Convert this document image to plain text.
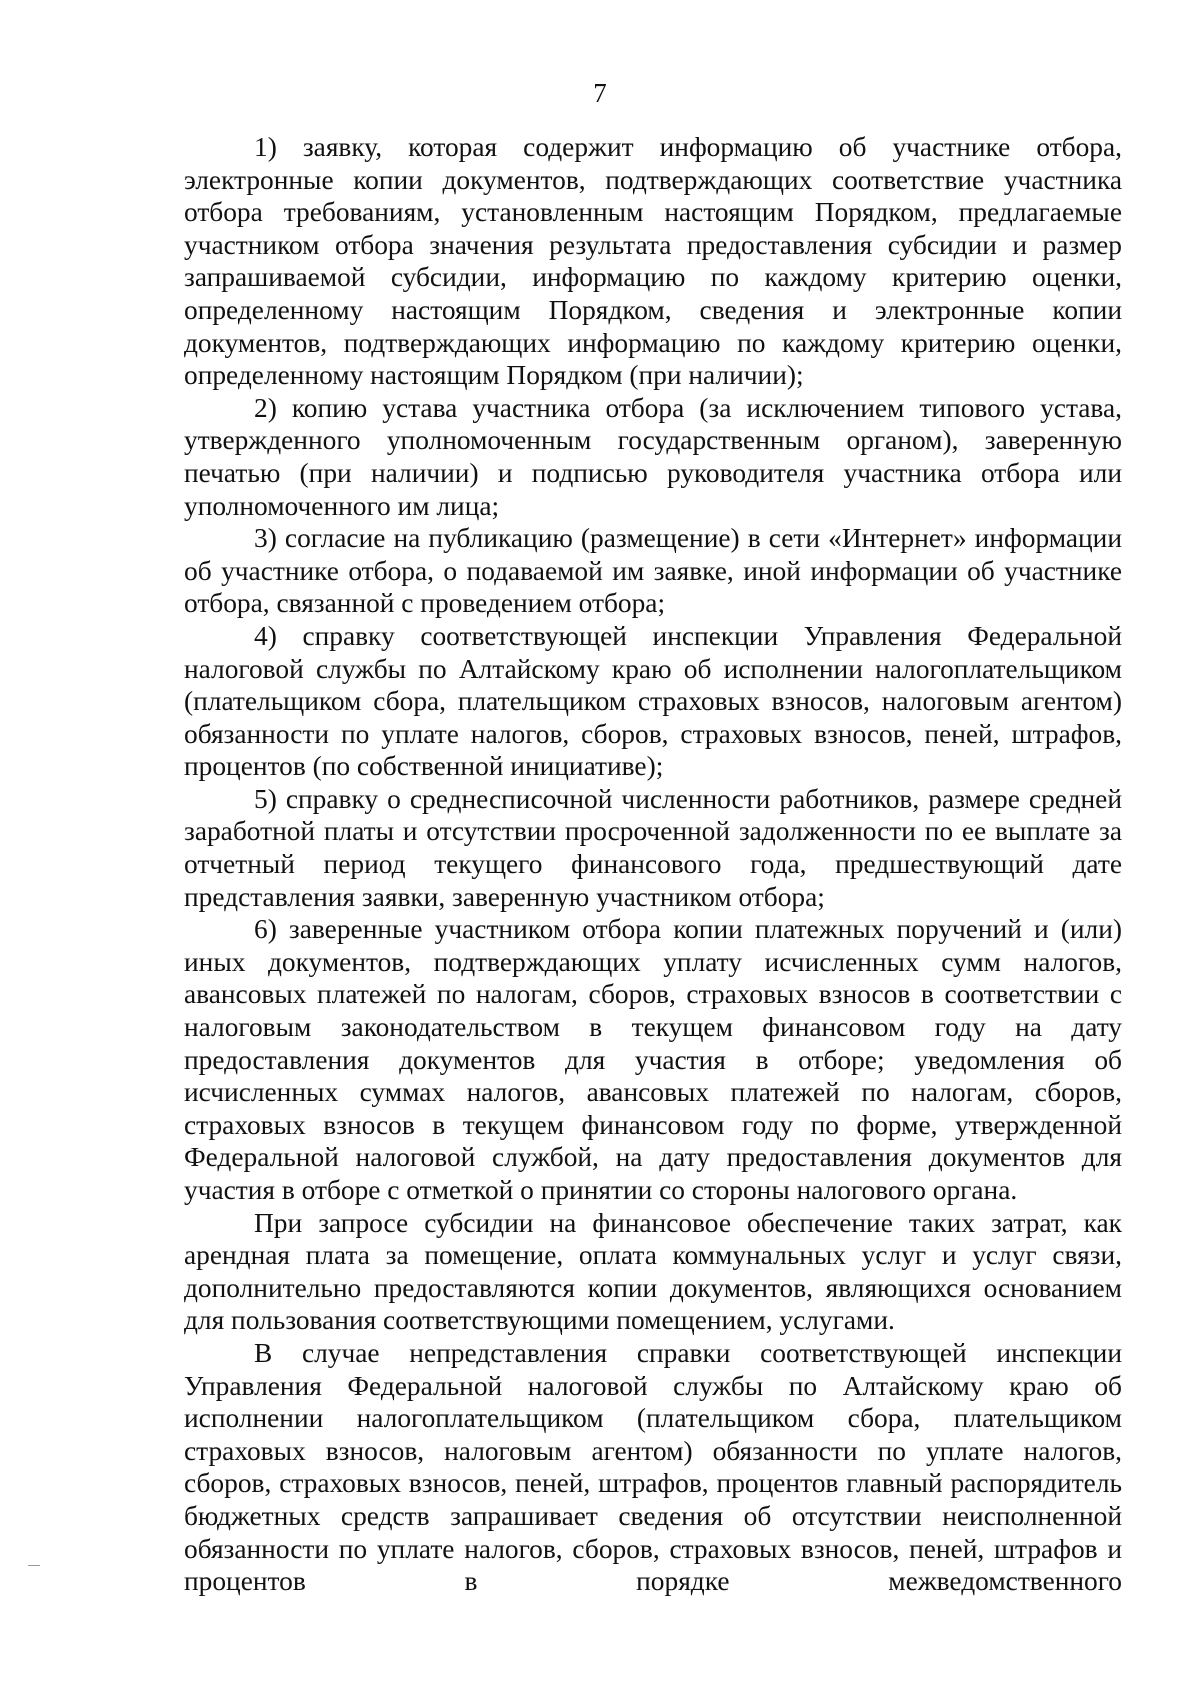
7

1) заявку, которая содержит информацию об участнике отбора, электронные копии документов, подтверждающих соответствие участника отбора требованиям, установленным настоящим Порядком, предлагаемые участником отбора значения результата предоставления субсидии и размер запрашиваемой субсидии, информацию по каждому критерию оценки, определенному настоящим Порядком, сведения и электронные копии документов, подтверждающих информацию по каждому критерию оценки, определенному настоящим Порядком (при наличии);

2) копию устава участника отбора (за исключением типового устава, утвержденного уполномоченным государственным органом), заверенную печатью (при наличии) и подписью руководителя участника отбора или уполномоченного им лица;

3) согласие на публикацию (размещение) в сети «Интернет» информации об участнике отбора, о подаваемой им заявке, иной информации об участнике отбора, связанной с проведением отбора;

4) справку соответствующей инспекции Управления Федеральной налоговой службы по Алтайскому краю об исполнении налогоплательщиком (плательщиком сбора, плательщиком страховых взносов, налоговым агентом) обязанности по уплате налогов, сборов, страховых взносов, пеней, штрафов, процентов (по собственной инициативе);

5) справку о среднесписочной численности работников, размере средней заработной платы и отсутствии просроченной задолженности по ее выплате за отчетный период текущего финансового года, предшествующий дате представления заявки, заверенную участником отбора;

6) заверенные участником отбора копии платежных поручений и (или) иных документов, подтверждающих уплату исчисленных сумм налогов, авансовых платежей по налогам, сборов, страховых взносов в соответствии с налоговым законодательством в текущем финансовом году на дату предоставления документов для участия в отборе; уведомления об исчисленных суммах налогов, авансовых платежей по налогам, сборов, страховых взносов в текущем финансовом году по форме, утвержденной Федеральной налоговой службой, на дату предоставления документов для участия в отборе с отметкой о принятии со стороны налогового органа.

При запросе субсидии на финансовое обеспечение таких затрат, как арендная плата за помещение, оплата коммунальных услуг и услуг связи, дополнительно предоставляются копии документов, являющихся основанием для пользования соответствующими помещением, услугами.

В случае непредставления справки соответствующей инспекции Управления Федеральной налоговой службы по Алтайскому краю об исполнении налогоплательщиком (плательщиком сбора, плательщиком страховых взносов, налоговым агентом) обязанности по уплате налогов, сборов, страховых взносов, пеней, штрафов, процентов главный распорядитель бюджетных средств запрашивает сведения об отсутствии неисполненной обязанности по уплате налогов, сборов, страховых взносов, пеней, штрафов и процентов в порядке межведомственного
